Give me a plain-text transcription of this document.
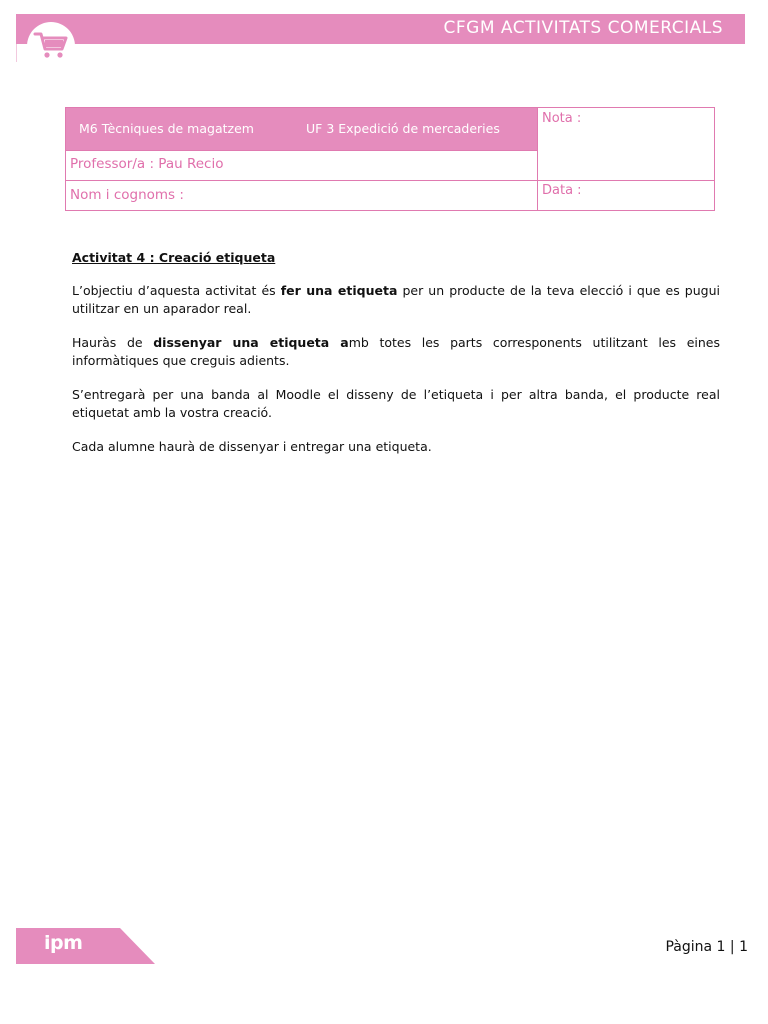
CFGM ACTIVITATS COMERCIALS
M6 Tècniques de magatzem	UF 3 Expedició de mercaderies
Nota :
Professor/a : Pau Recio
Nom i cognoms :	Data :
Activitat 4 : Creació etiqueta

L’objectiu d’aquesta activitat és fer una etiqueta per un producte de la teva elecció i que es pugui utilitzar en un aparador real.

Hauràs de dissenyar una etiqueta amb totes les parts corresponents utilitzant les eines informàtiques que creguis adients.

S’entregarà per una banda al Moodle el disseny de l’etiqueta i per altra banda, el producte real etiquetat amb la vostra creació.

Cada alumne haurà de dissenyar i entregar una etiqueta.

ipm	Pàgina 1 | 1
